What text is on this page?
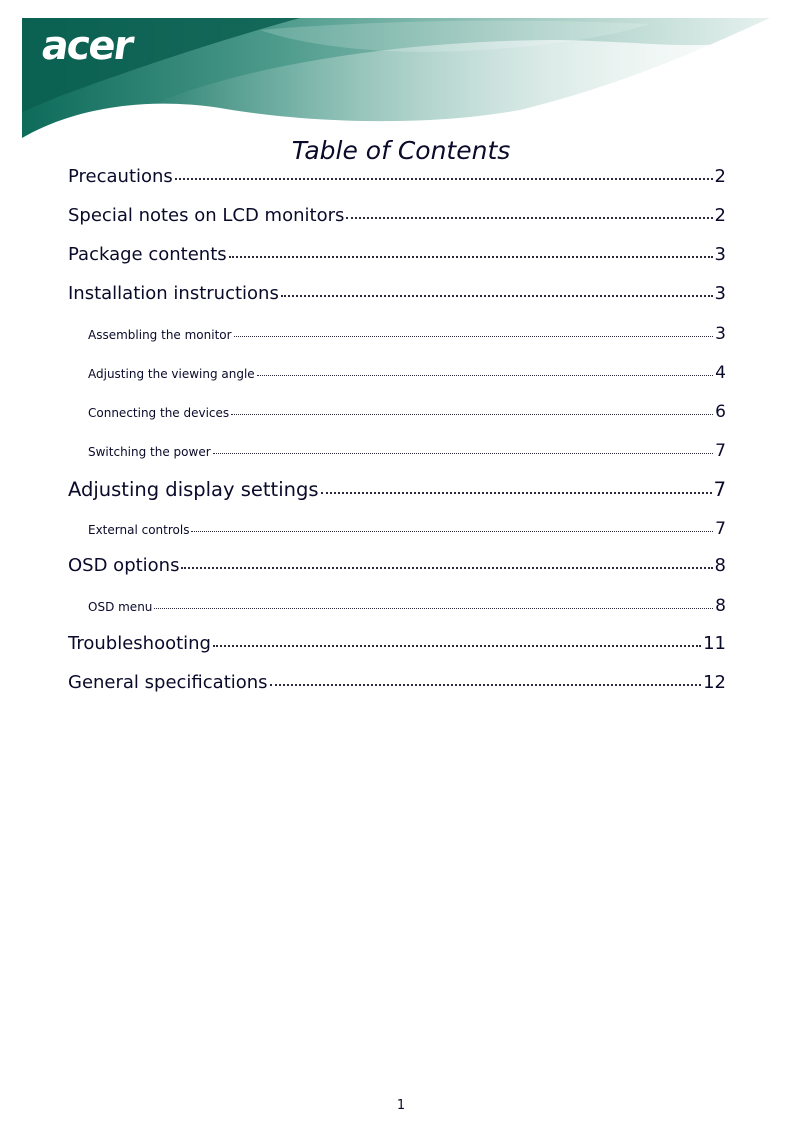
acer
Table of Contents
Precautions	2
Special notes on LCD monitors	2
Package contents	3
Installation instructions	3
Assembling the monitor	3
Adjusting the viewing angle	4
Connecting the devices	6
Switching the power	7
Adjusting display settings	7
External controls	7
OSD options	8
OSD menu	8
Troubleshooting	11
General specifications	12
1
